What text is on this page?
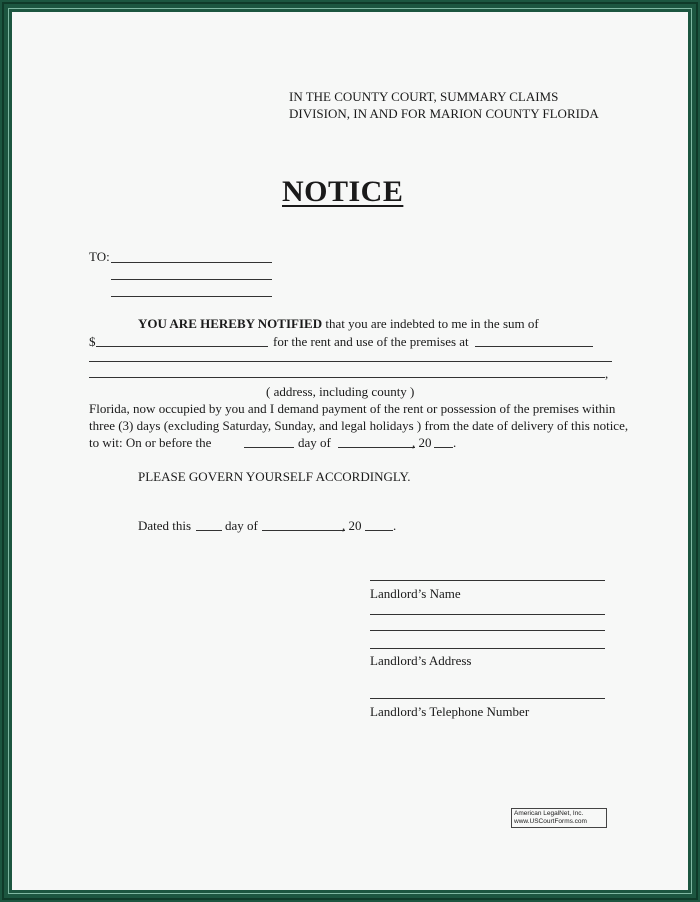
IN THE COUNTY COURT, SUMMARY CLAIMS
DIVISION, IN AND FOR MARION COUNTY FLORIDA
NOTICE
TO:
YOU ARE HEREBY NOTIFIED that you are indebted to me in the sum of
$	for the rent and use of the premises at
,
( address, including county )
Florida, now occupied by you and I demand payment of the rent or possession of the premises within
three (3) days (excluding Saturday, Sunday, and legal holidays ) from the date of delivery of this notice,
to wit: On or before the	day of	, 20 .
PLEASE GOVERN YOURSELF ACCORDINGLY.
Dated this	day of	, 20 .
Landlord’s Name
Landlord’s Address
Landlord’s Telephone Number
American LegalNet, Inc.
www.USCourtForms.com
